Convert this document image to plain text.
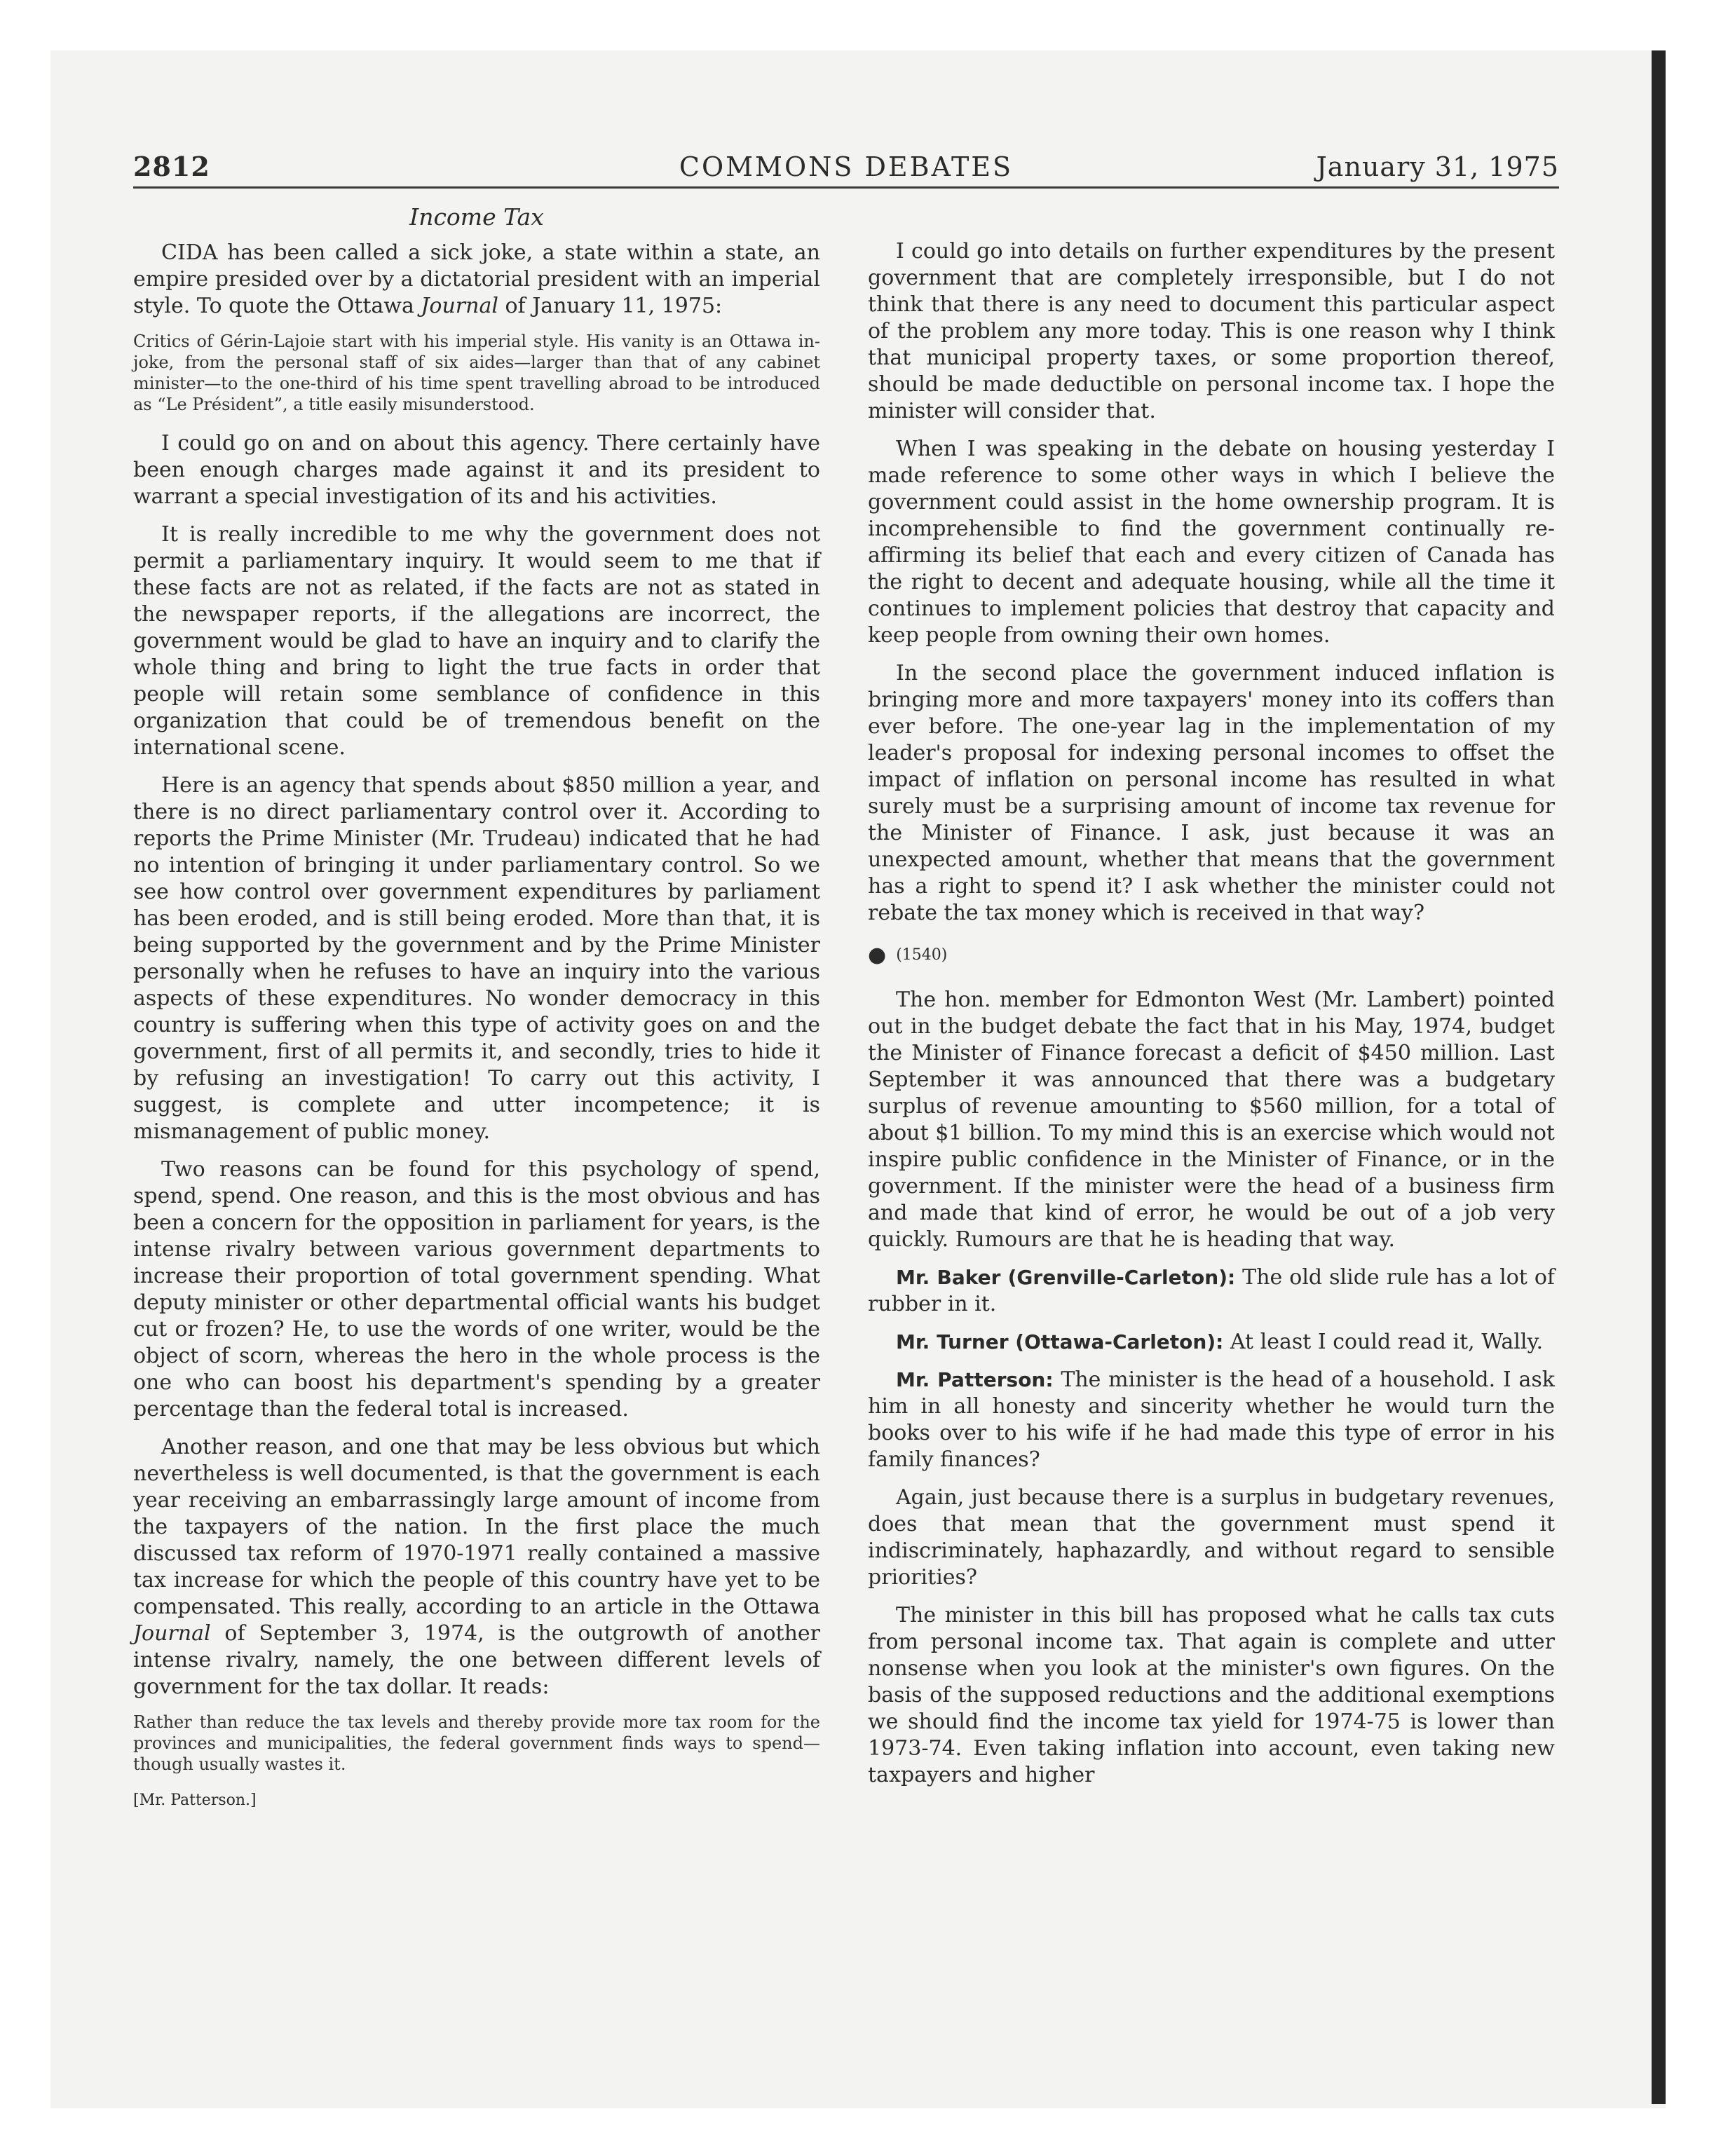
2812	COMMONS DEBATES	January 31, 1975
Income Tax

CIDA has been called a sick joke, a state within a state, an empire presided over by a dictatorial president with an imperial style. To quote the Ottawa Journal of January 11, 1975:

Critics of Gérin-Lajoie start with his imperial style. His vanity is an Ottawa in-joke, from the personal staff of six aides—larger than that of any cabinet minister—to the one-third of his time spent travelling abroad to be introduced as “Le Président”, a title easily misunderstood.

I could go on and on about this agency. There certainly have been enough charges made against it and its president to warrant a special investigation of its and his activities.

It is really incredible to me why the government does not permit a parliamentary inquiry. It would seem to me that if these facts are not as related, if the facts are not as stated in the newspaper reports, if the allegations are incorrect, the government would be glad to have an inquiry and to clarify the whole thing and bring to light the true facts in order that people will retain some semblance of confidence in this organization that could be of tremendous benefit on the international scene.

Here is an agency that spends about $850 million a year, and there is no direct parliamentary control over it. According to reports the Prime Minister (Mr. Trudeau) indicated that he had no intention of bringing it under parliamentary control. So we see how control over government expenditures by parliament has been eroded, and is still being eroded. More than that, it is being supported by the government and by the Prime Minister personally when he refuses to have an inquiry into the various aspects of these expenditures. No wonder democracy in this country is suffering when this type of activity goes on and the government, first of all permits it, and secondly, tries to hide it by refusing an investigation! To carry out this activity, I suggest, is complete and utter incompetence; it is mismanagement of public money.

Two reasons can be found for this psychology of spend, spend, spend. One reason, and this is the most obvious and has been a concern for the opposition in parliament for years, is the intense rivalry between various government departments to increase their proportion of total government spending. What deputy minister or other departmental official wants his budget cut or frozen? He, to use the words of one writer, would be the object of scorn, whereas the hero in the whole process is the one who can boost his department's spending by a greater percentage than the federal total is increased.

Another reason, and one that may be less obvious but which nevertheless is well documented, is that the government is each year receiving an embarrassingly large amount of income from the taxpayers of the nation. In the first place the much discussed tax reform of 1970-1971 really contained a massive tax increase for which the people of this country have yet to be compensated. This really, according to an article in the Ottawa Journal of September 3, 1974, is the outgrowth of another intense rivalry, namely, the one between different levels of government for the tax dollar. It reads:

Rather than reduce the tax levels and thereby provide more tax room for the provinces and municipalities, the federal government finds ways to spend—though usually wastes it.
[Mr. Patterson.]

I could go into details on further expenditures by the present government that are completely irresponsible, but I do not think that there is any need to document this particular aspect of the problem any more today. This is one reason why I think that municipal property taxes, or some proportion thereof, should be made deductible on personal income tax. I hope the minister will consider that.

When I was speaking in the debate on housing yesterday I made reference to some other ways in which I believe the government could assist in the home ownership program. It is incomprehensible to find the government continually re-affirming its belief that each and every citizen of Canada has the right to decent and adequate housing, while all the time it continues to implement policies that destroy that capacity and keep people from owning their own homes.

In the second place the government induced inflation is bringing more and more taxpayers' money into its coffers than ever before. The one-year lag in the implementation of my leader's proposal for indexing personal incomes to offset the impact of inflation on personal income has resulted in what surely must be a surprising amount of income tax revenue for the Minister of Finance. I ask, just because it was an unexpected amount, whether that means that the government has a right to spend it? I ask whether the minister could not rebate the tax money which is received in that way?

● (1540)

The hon. member for Edmonton West (Mr. Lambert) pointed out in the budget debate the fact that in his May, 1974, budget the Minister of Finance forecast a deficit of $450 million. Last September it was announced that there was a budgetary surplus of revenue amounting to $560 million, for a total of about $1 billion. To my mind this is an exercise which would not inspire public confidence in the Minister of Finance, or in the government. If the minister were the head of a business firm and made that kind of error, he would be out of a job very quickly. Rumours are that he is heading that way.

Mr. Baker (Grenville-Carleton): The old slide rule has a lot of rubber in it.

Mr. Turner (Ottawa-Carleton): At least I could read it, Wally.

Mr. Patterson: The minister is the head of a household. I ask him in all honesty and sincerity whether he would turn the books over to his wife if he had made this type of error in his family finances?

Again, just because there is a surplus in budgetary revenues, does that mean that the government must spend it indiscriminately, haphazardly, and without regard to sensible priorities?

The minister in this bill has proposed what he calls tax cuts from personal income tax. That again is complete and utter nonsense when you look at the minister's own figures. On the basis of the supposed reductions and the additional exemptions we should find the income tax yield for 1974-75 is lower than 1973-74. Even taking inflation into account, even taking new taxpayers and higher
